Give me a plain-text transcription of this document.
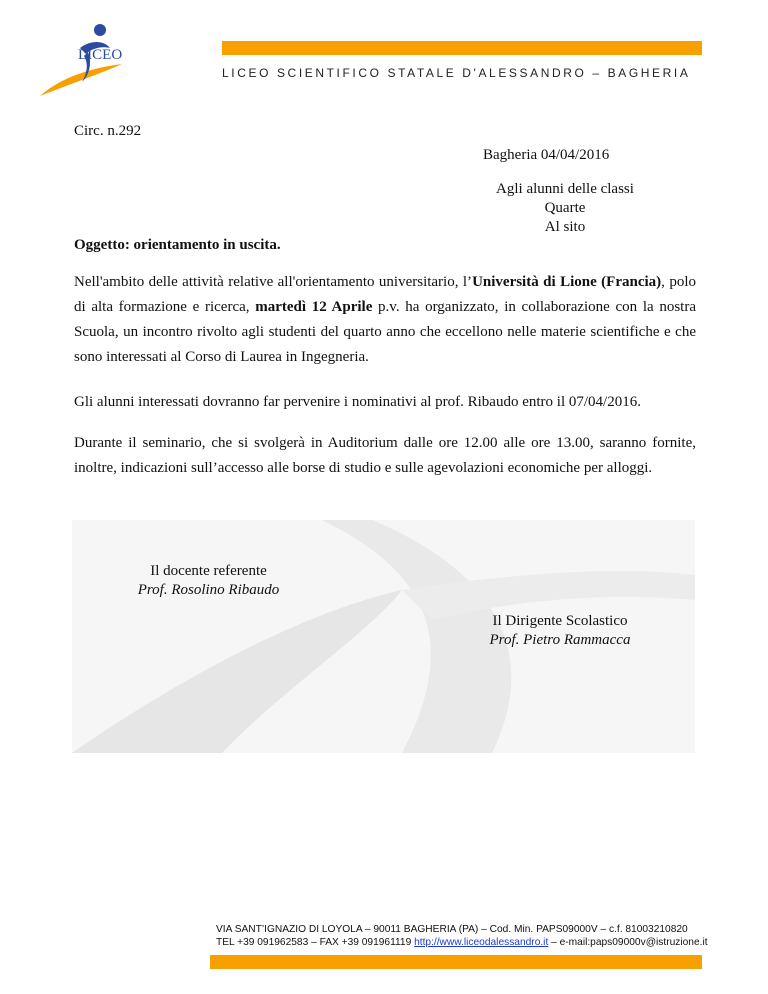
LICEO
LICEO SCIENTIFICO STATALE D'ALESSANDRO – BAGHERIA
Circ. n.292
Bagheria 04/04/2016
Agli alunni delle classi Quarte
Al sito
Oggetto: orientamento in uscita.
Nell'ambito delle attività relative all'orientamento universitario, l’Università di Lione (Francia), polo di alta formazione e ricerca, martedì 12 Aprile p.v. ha organizzato, in collaborazione con la nostra Scuola, un incontro rivolto agli studenti del quarto anno che eccellono nelle materie scientifiche e che sono interessati al Corso di Laurea in Ingegneria.
Gli alunni interessati dovranno far pervenire i nominativi al prof. Ribaudo entro il 07/04/2016.
Durante il seminario, che si svolgerà in Auditorium dalle ore 12.00 alle ore 13.00, saranno fornite, inoltre, indicazioni sull’accesso alle borse di studio e sulle agevolazioni economiche per alloggi.
Il docente referente
Prof. Rosolino Ribaudo
Il Dirigente Scolastico
Prof. Pietro Rammacca
VIA SANT’IGNAZIO DI LOYOLA – 90011 BAGHERIA (PA) – Cod. Min. PAPS09000V – c.f. 81003210820
TEL +39 091962583 – FAX +39 091961119 http://www.liceodalessandro.it – e-mail:paps09000v@istruzione.it
